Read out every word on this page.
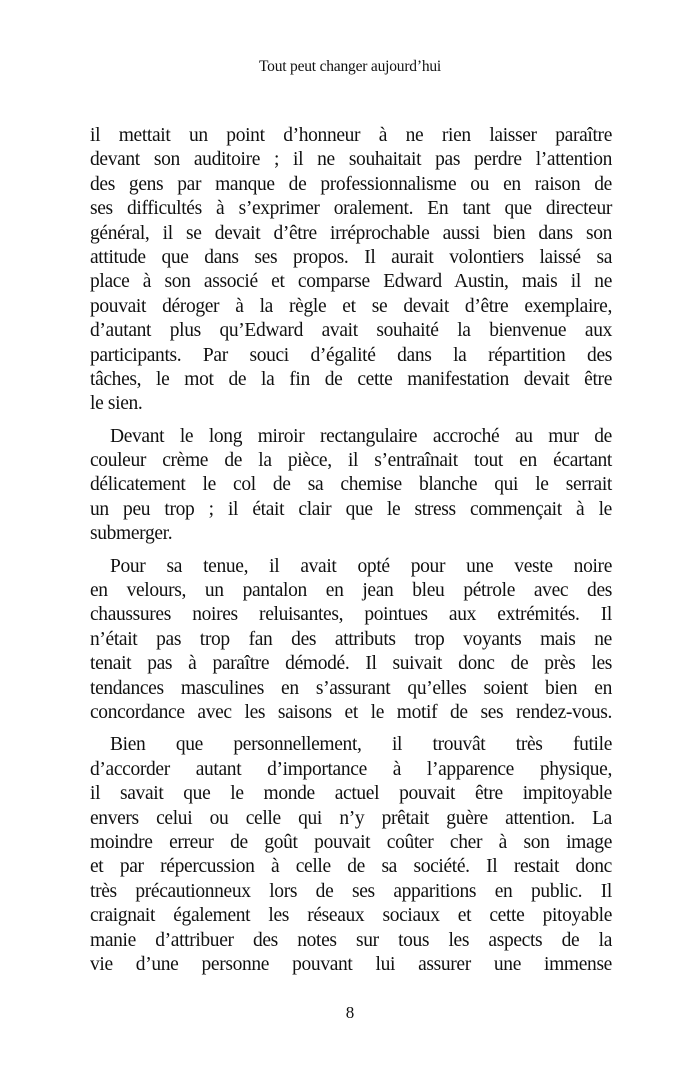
Tout peut changer aujourd’hui

il mettait un point d’honneur à ne rien laisser paraître
devant son auditoire ; il ne souhaitait pas perdre l’attention
des gens par manque de professionnalisme ou en raison de
ses difficultés à s’exprimer oralement. En tant que directeur
général, il se devait d’être irréprochable aussi bien dans son
attitude que dans ses propos. Il aurait volontiers laissé sa
place à son associé et comparse Edward Austin, mais il ne
pouvait déroger à la règle et se devait d’être exemplaire,
d’autant plus qu’Edward avait souhaité la bienvenue aux
participants. Par souci d’égalité dans la répartition des
tâches, le mot de la fin de cette manifestation devait être
le sien.

Devant le long miroir rectangulaire accroché au mur de
couleur crème de la pièce, il s’entraînait tout en écartant
délicatement le col de sa chemise blanche qui le serrait
un peu trop ; il était clair que le stress commençait à le
submerger.

Pour sa tenue, il avait opté pour une veste noire
en velours, un pantalon en jean bleu pétrole avec des
chaussures noires reluisantes, pointues aux extrémités. Il
n’était pas trop fan des attributs trop voyants mais ne
tenait pas à paraître démodé. Il suivait donc de près les
tendances masculines en s’assurant qu’elles soient bien en
concordance avec les saisons et le motif de ses rendez-vous.

Bien que personnellement, il trouvât très futile
d’accorder autant d’importance à l’apparence physique,
il savait que le monde actuel pouvait être impitoyable
envers celui ou celle qui n’y prêtait guère attention. La
moindre erreur de goût pouvait coûter cher à son image
et par répercussion à celle de sa société. Il restait donc
très précautionneux lors de ses apparitions en public. Il
craignait également les réseaux sociaux et cette pitoyable
manie d’attribuer des notes sur tous les aspects de la
vie d’une personne pouvant lui assurer une immense

8
